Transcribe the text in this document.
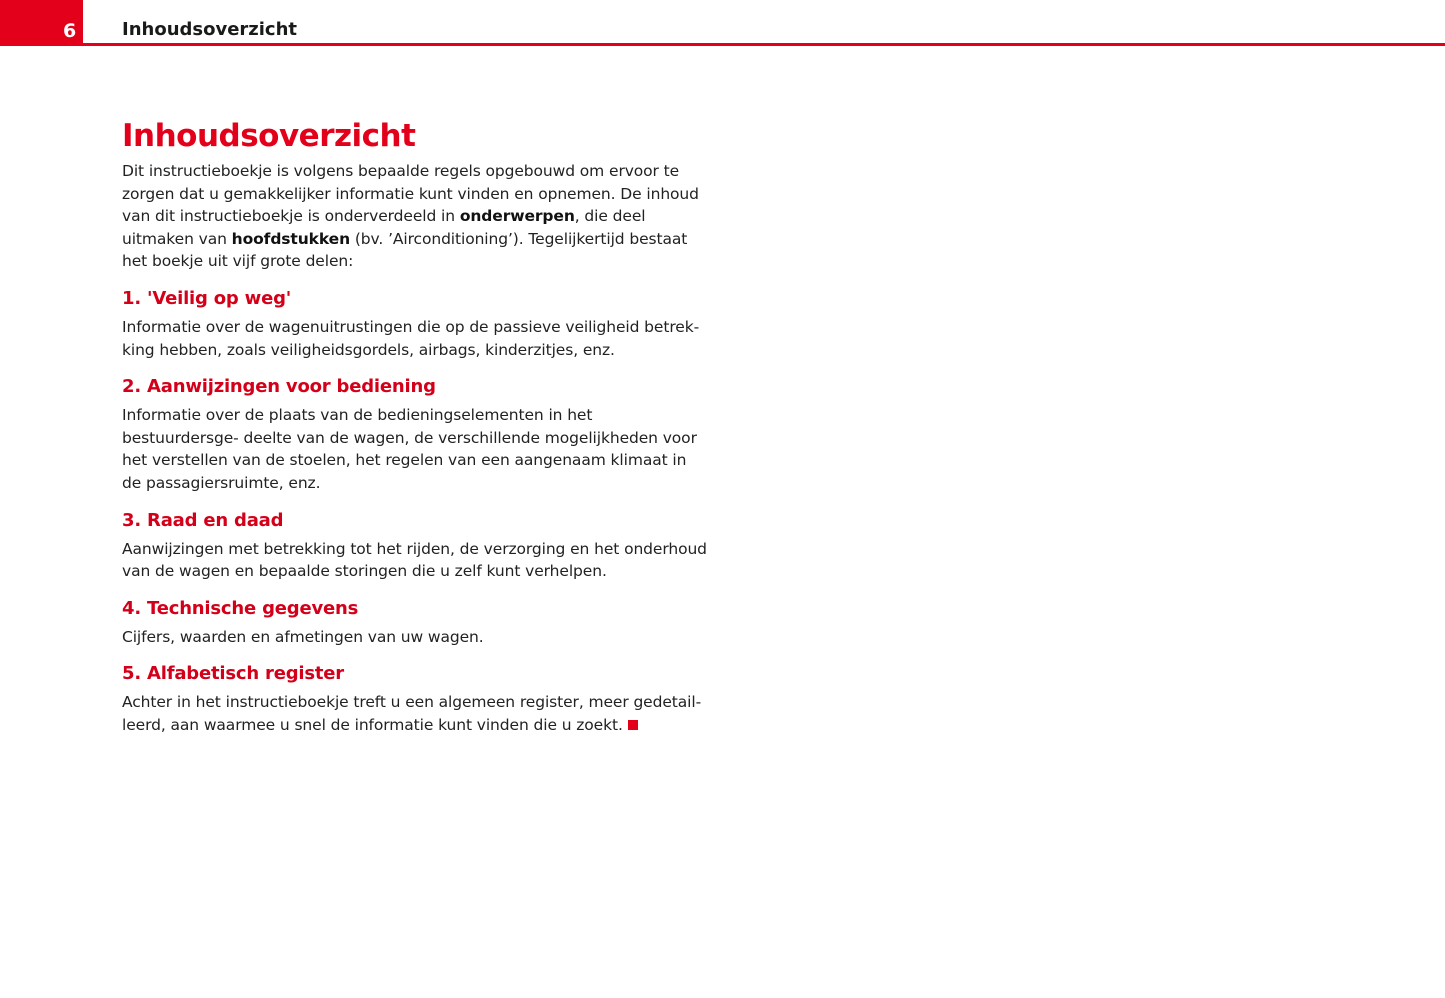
6	Inhoudsoverzicht
Inhoudsoverzicht

Dit instructieboekje is volgens bepaalde regels opgebouwd om ervoor te zorgen dat u gemakkelijker informatie kunt vinden en opnemen. De inhoud van dit instructieboekje is onderverdeeld in onderwerpen, die deel uitmaken van hoofdstukken (bv. ’Airconditioning’). Tegelijkertijd bestaat het boekje uit vijf grote delen:

1. 'Veilig op weg'

Informatie over de wagenuitrustingen die op de passieve veiligheid betrek- king hebben, zoals veiligheidsgordels, airbags, kinderzitjes, enz.

2. Aanwijzingen voor bediening

Informatie over de plaats van de bedieningselementen in het bestuurdersge- deelte van de wagen, de verschillende mogelijkheden voor het verstellen van de stoelen, het regelen van een aangenaam klimaat in de passagiersruimte, enz.

3. Raad en daad

Aanwijzingen met betrekking tot het rijden, de verzorging en het onderhoud van de wagen en bepaalde storingen die u zelf kunt verhelpen.

4. Technische gegevens

Cijfers, waarden en afmetingen van uw wagen.

5. Alfabetisch register

Achter in het instructieboekje treft u een algemeen register, meer gedetail- leerd, aan waarmee u snel de informatie kunt vinden die u zoekt.
